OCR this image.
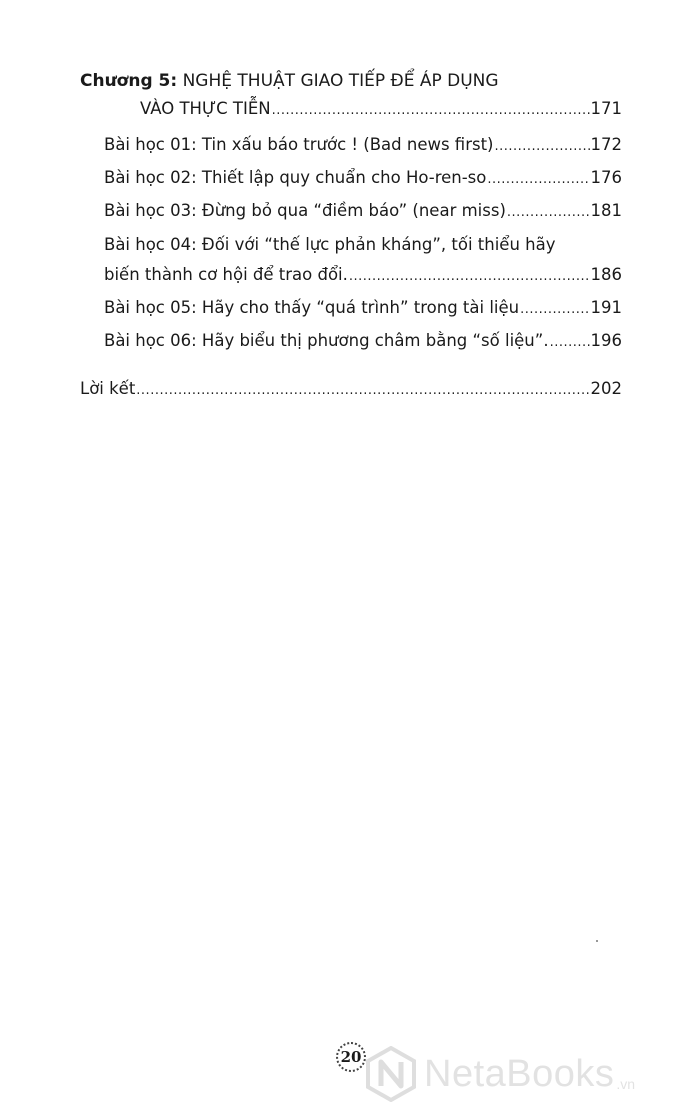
Chương 5: NGHỆ THUẬT GIAO TIẾP ĐỂ ÁP DỤNG
VÀO THỰC TIỄN .....	171
Bài học 01: Tin xấu báo trước ! (Bad news first) .....	172
Bài học 02: Thiết lập quy chuẩn cho Ho-ren-so .....	176
Bài học 03: Đừng bỏ qua “điềm báo” (near miss) .....	181
Bài học 04: Đối với “thế lực phản kháng”, tối thiểu hãy
biến thành cơ hội để trao đổi. .....	186
Bài học 05: Hãy cho thấy “quá trình” trong tài liệu .....	191
Bài học 06: Hãy biểu thị phương châm bằng “số liệu”. .....	196
Lời kết .....	202
20 NetaBooks .vn
